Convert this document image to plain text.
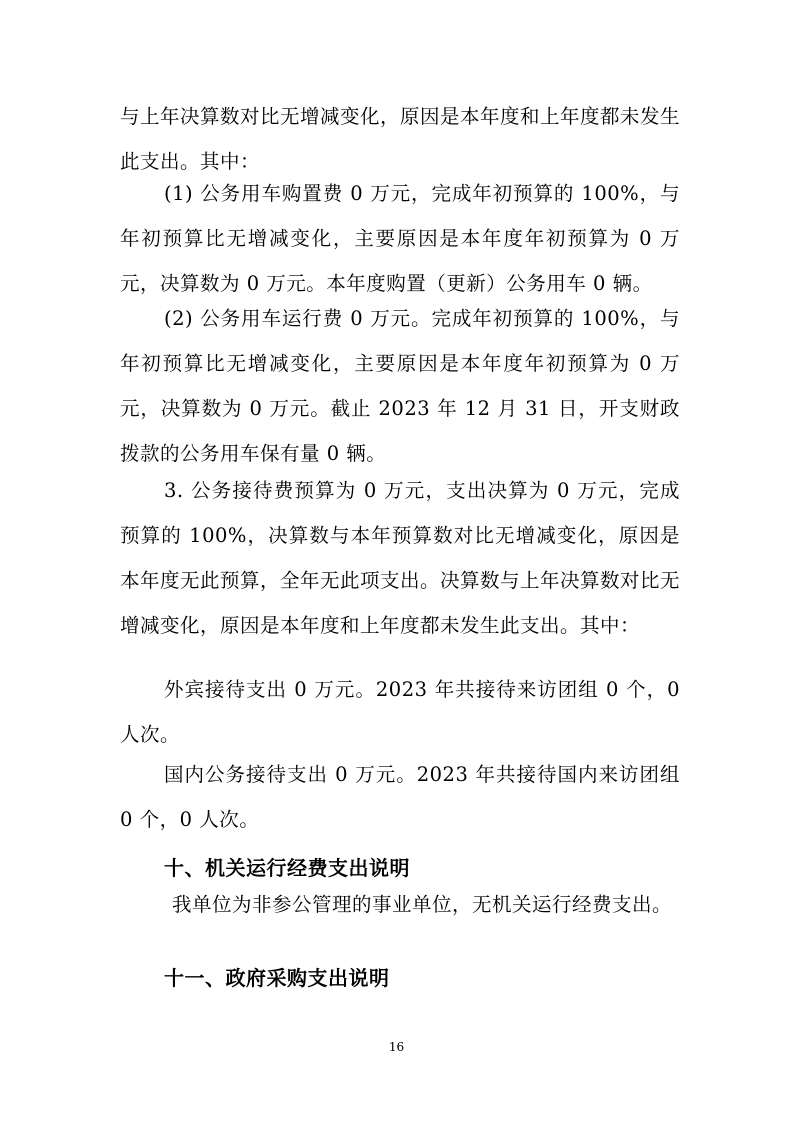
与上年决算数对比无增减变化，原因是本年度和上年度都未发生此支出。其中：

(1) 公务用车购置费 0 万元，完成年初预算的 100%，与年初预算比无增减变化，主要原因是本年度年初预算为 0 万元，决算数为 0 万元。本年度购置（更新）公务用车 0 辆。

(2) 公务用车运行费 0 万元。完成年初预算的 100%，与年初预算比无增减变化，主要原因是本年度年初预算为 0 万元，决算数为 0 万元。截止 2023 年 12 月 31 日，开支财政拨款的公务用车保有量 0 辆。

3. 公务接待费预算为 0 万元，支出决算为 0 万元，完成预算的 100%，决算数与本年预算数对比无增减变化，原因是本年度无此预算，全年无此项支出。决算数与上年决算数对比无增减变化，原因是本年度和上年度都未发生此支出。其中：

外宾接待支出 0 万元。2023 年共接待来访团组 0 个，0 人次。

国内公务接待支出 0 万元。2023 年共接待国内来访团组 0 个，0 人次。

十、机关运行经费支出说明

我单位为非参公管理的事业单位，无机关运行经费支出。

十一、政府采购支出说明
16
